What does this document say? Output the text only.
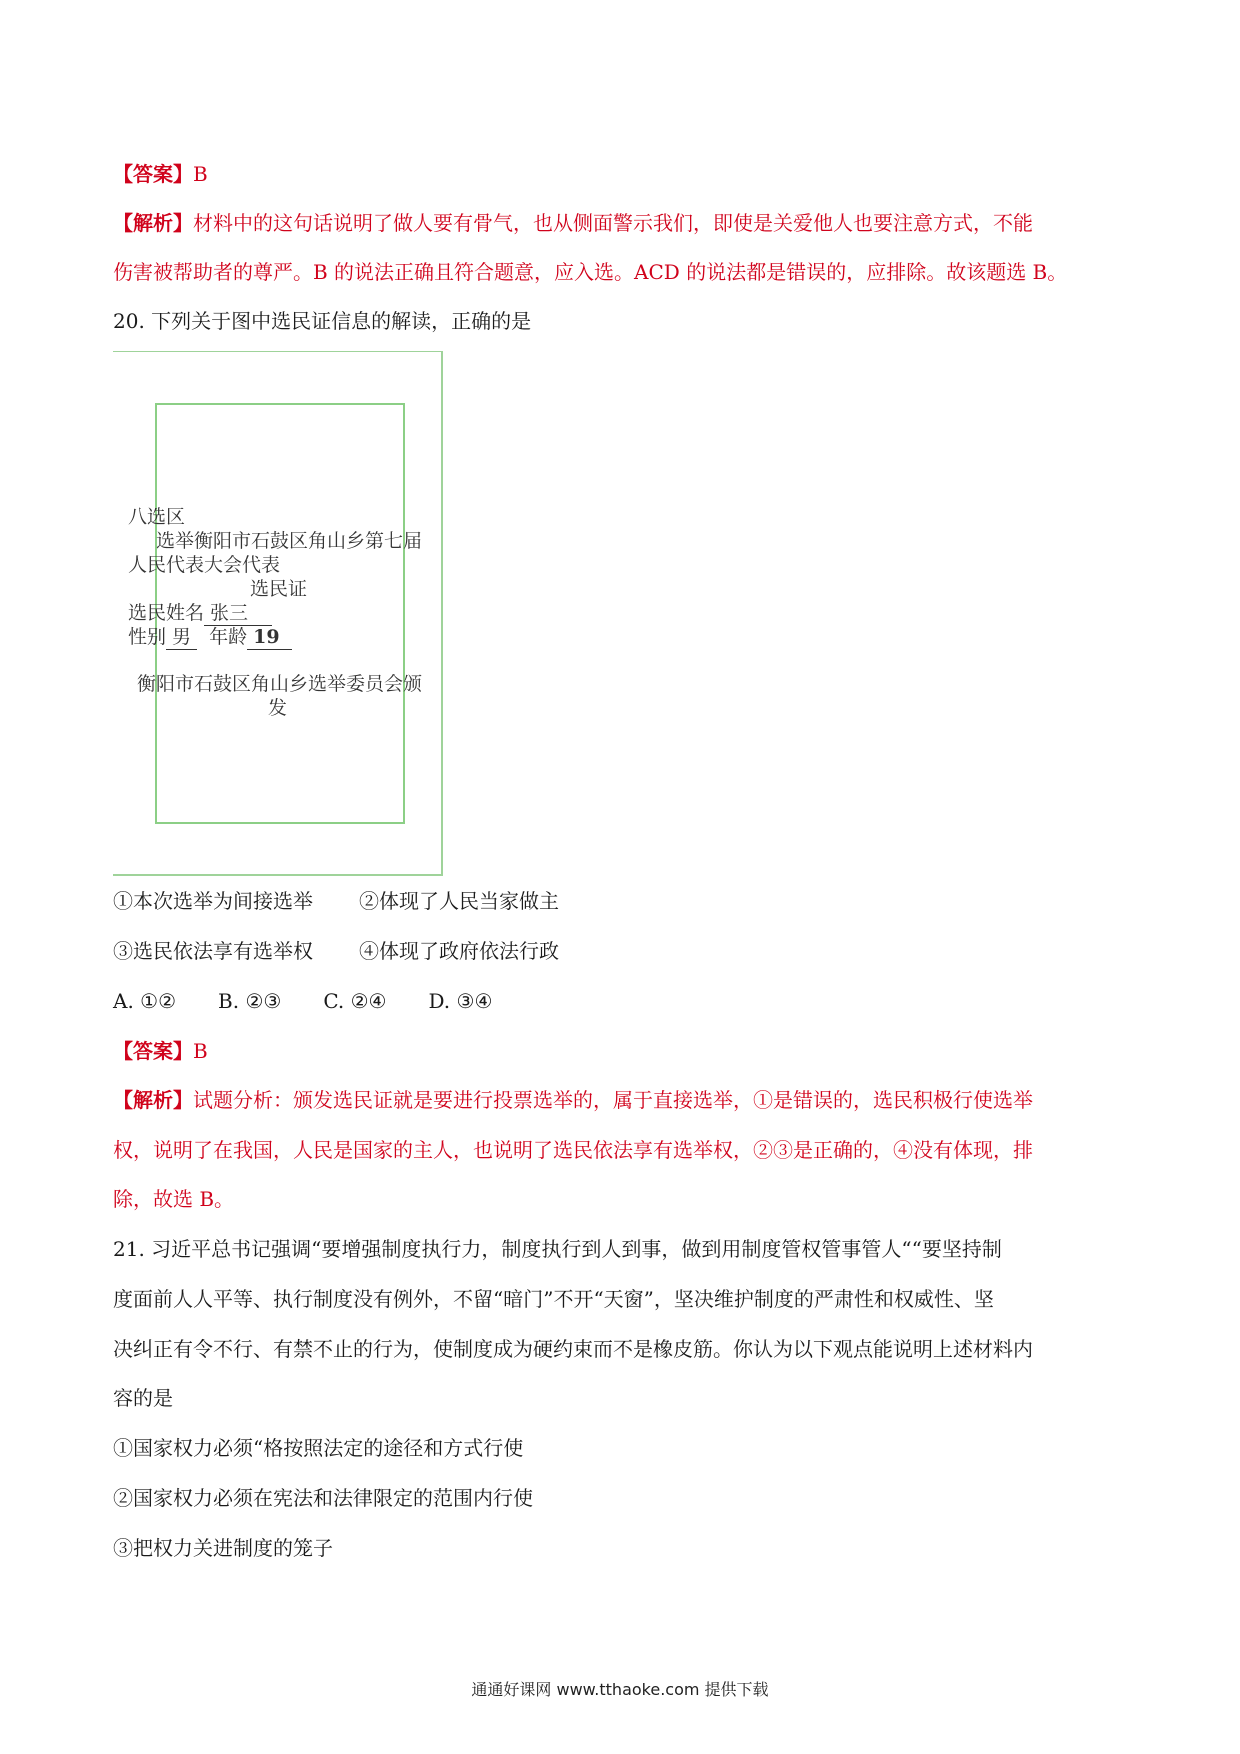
【答案】B
【解析】材料中的这句话说明了做人要有骨气，也从侧面警示我们，即使是关爱他人也要注意方式，不能
伤害被帮助者的尊严。B 的说法正确且符合题意，应入选。ACD 的说法都是错误的，应排除。故该题选 B。
20. 下列关于图中选民证信息的解读，正确的是
八选区
选举衡阳市石鼓区角山乡第七届
人民代表大会代表
选民证
选民姓名 张三
性别 男 年龄 19
衡阳市石鼓区角山乡选举委员会颁
发
①本次选举为间接选举 ②体现了人民当家做主
③选民依法享有选举权 ④体现了政府依法行政
A. ①② B. ②③ C. ②④ D. ③④
【答案】B
【解析】试题分析：颁发选民证就是要进行投票选举的，属于直接选举，①是错误的，选民积极行使选举
权，说明了在我国，人民是国家的主人，也说明了选民依法享有选举权，②③是正确的，④没有体现，排
除，故选 B。
21. 习近平总书记强调“要增强制度执行力，制度执行到人到事，做到用制度管权管事管人““要坚持制
度面前人人平等、执行制度没有例外，不留“暗门”不开“天窗”，坚决维护制度的严肃性和权威性、坚
决纠正有令不行、有禁不止的行为，使制度成为硬约束而不是橡皮筋。你认为以下观点能说明上述材料内
容的是
①国家权力必须“格按照法定的途径和方式行使
②国家权力必须在宪法和法律限定的范围内行使
③把权力关进制度的笼子
通通好课网 www.tthaoke.com 提供下载
